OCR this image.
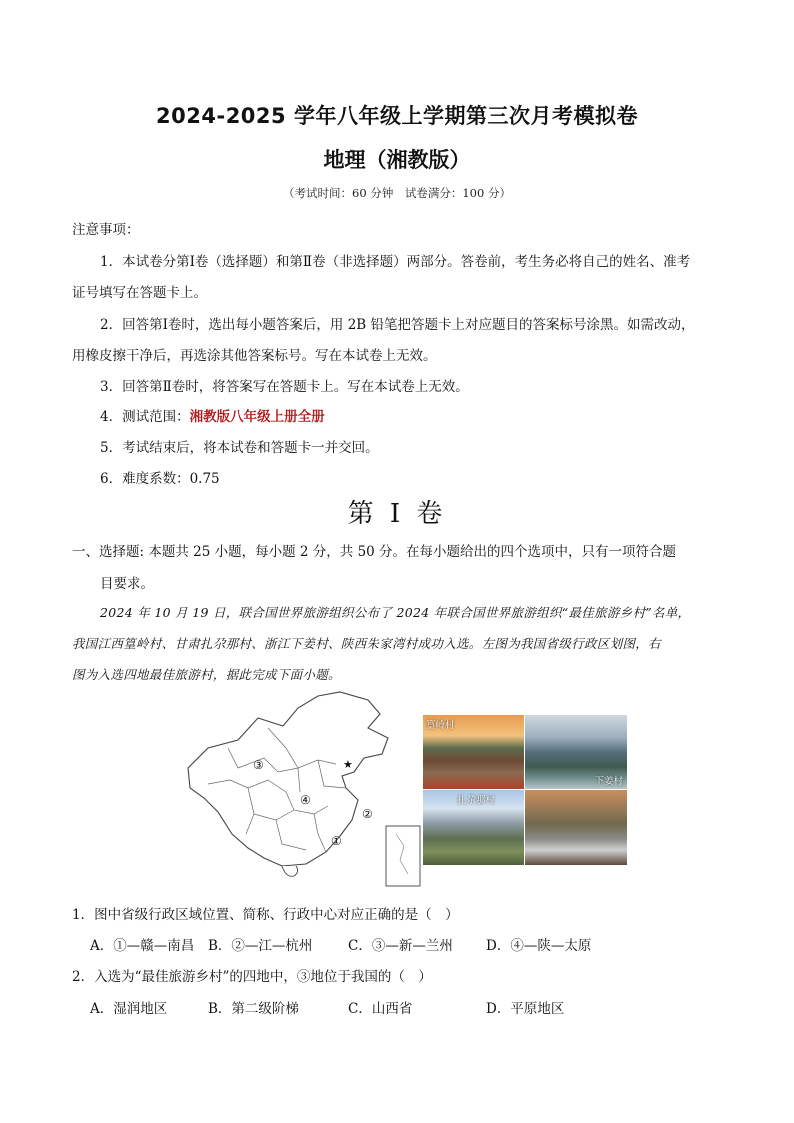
2024-2025 学年八年级上学期第三次月考模拟卷
地理（湘教版）
（考试时间：60 分钟　试卷满分：100 分）
注意事项：
1．本试卷分第Ⅰ卷（选择题）和第Ⅱ卷（非选择题）两部分。答卷前，考生务必将自己的姓名、准考
证号填写在答题卡上。
2．回答第Ⅰ卷时，选出每小题答案后，用 2B 铅笔把答题卡上对应题目的答案标号涂黑。如需改动，
用橡皮擦干净后，再选涂其他答案标号。写在本试卷上无效。
3．回答第Ⅱ卷时，将答案写在答题卡上。写在本试卷上无效。
4．测试范围：湘教版八年级上册全册
5．考试结束后，将本试卷和答题卡一并交回。
6．难度系数：0.75
第 I 卷
一、选择题: 本题共 25 小题，每小题 2 分，共 50 分。在每小题给出的四个选项中，只有一项符合题
目要求。
2024 年 10 月 19 日，联合国世界旅游组织公布了 2024 年联合国世界旅游组织“最佳旅游乡村”名单，
我国江西篁岭村、甘肃扎尕那村、浙江下姜村、陕西朱家湾村成功入选。左图为我国省级行政区划图，右
图为入选四地最佳旅游村，据此完成下面小题。
★
③
④
②
①
篁岭村
下姜村
扎尕那村
1．图中省级行政区域位置、简称、行政中心对应正确的是（　）
A．①—赣—南昌 B．②—江—杭州	C．③—新—兰州 D．④—陕—太原
2．入选为“最佳旅游乡村”的四地中，③地位于我国的（　）
A．湿润地区	B．第二级阶梯	C．山西省	D．平原地区
